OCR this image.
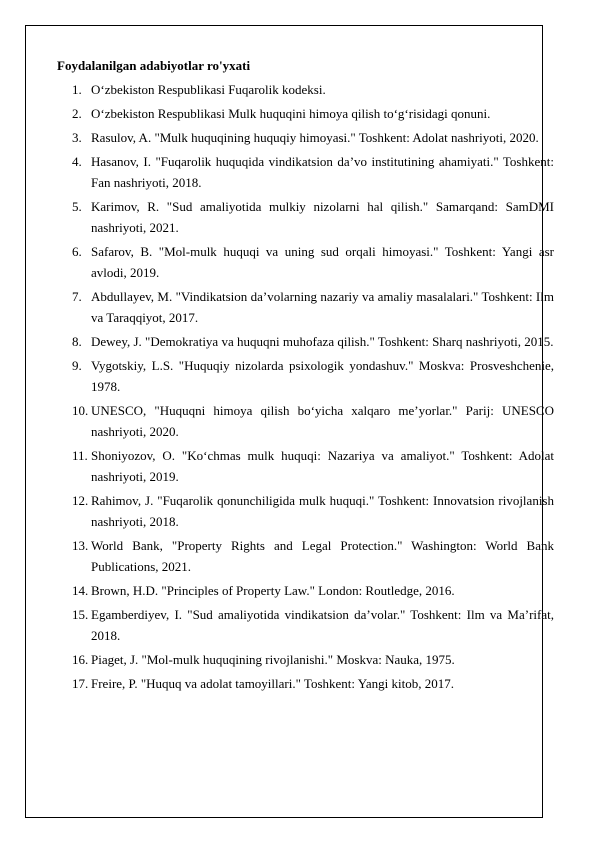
Foydalanilgan adabiyotlar ro'yxati
1. O‘zbekiston Respublikasi Fuqarolik kodeksi.
2. O‘zbekiston Respublikasi Mulk huquqini himoya qilish to‘g‘risidagi qonuni.
3. Rasulov, A. "Mulk huquqining huquqiy himoyasi." Toshkent: Adolat nashriyoti, 2020.
4. Hasanov, I. "Fuqarolik huquqida vindikatsion da’vo institutining ahamiyati." Toshkent: Fan nashriyoti, 2018.
5. Karimov, R. "Sud amaliyotida mulkiy nizolarni hal qilish." Samarqand: SamDMI nashriyoti, 2021.
6. Safarov, B. "Mol-mulk huquqi va uning sud orqali himoyasi." Toshkent: Yangi asr avlodi, 2019.
7. Abdullayev, M. "Vindikatsion da’volarning nazariy va amaliy masalalari." Toshkent: Ilm va Taraqqiyot, 2017.
8. Dewey, J. "Demokratiya va huquqni muhofaza qilish." Toshkent: Sharq nashriyoti, 2015.
9. Vygotskiy, L.S. "Huquqiy nizolarda psixologik yondashuv." Moskva: Prosveshchenie, 1978.
10. UNESCO, "Huquqni himoya qilish bo‘yicha xalqaro me’yorlar." Parij: UNESCO nashriyoti, 2020.
11. Shoniyozov, O. "Ko‘chmas mulk huquqi: Nazariya va amaliyot." Toshkent: Adolat nashriyoti, 2019.
12. Rahimov, J. "Fuqarolik qonunchiligida mulk huquqi." Toshkent: Innovatsion rivojlanish nashriyoti, 2018.
13. World Bank, "Property Rights and Legal Protection." Washington: World Bank Publications, 2021.
14. Brown, H.D. "Principles of Property Law." London: Routledge, 2016.
15. Egamberdiyev, I. "Sud amaliyotida vindikatsion da’volar." Toshkent: Ilm va Ma’rifat, 2018.
16. Piaget, J. "Mol-mulk huquqining rivojlanishi." Moskva: Nauka, 1975.
17. Freire, P. "Huquq va adolat tamoyillari." Toshkent: Yangi kitob, 2017.
